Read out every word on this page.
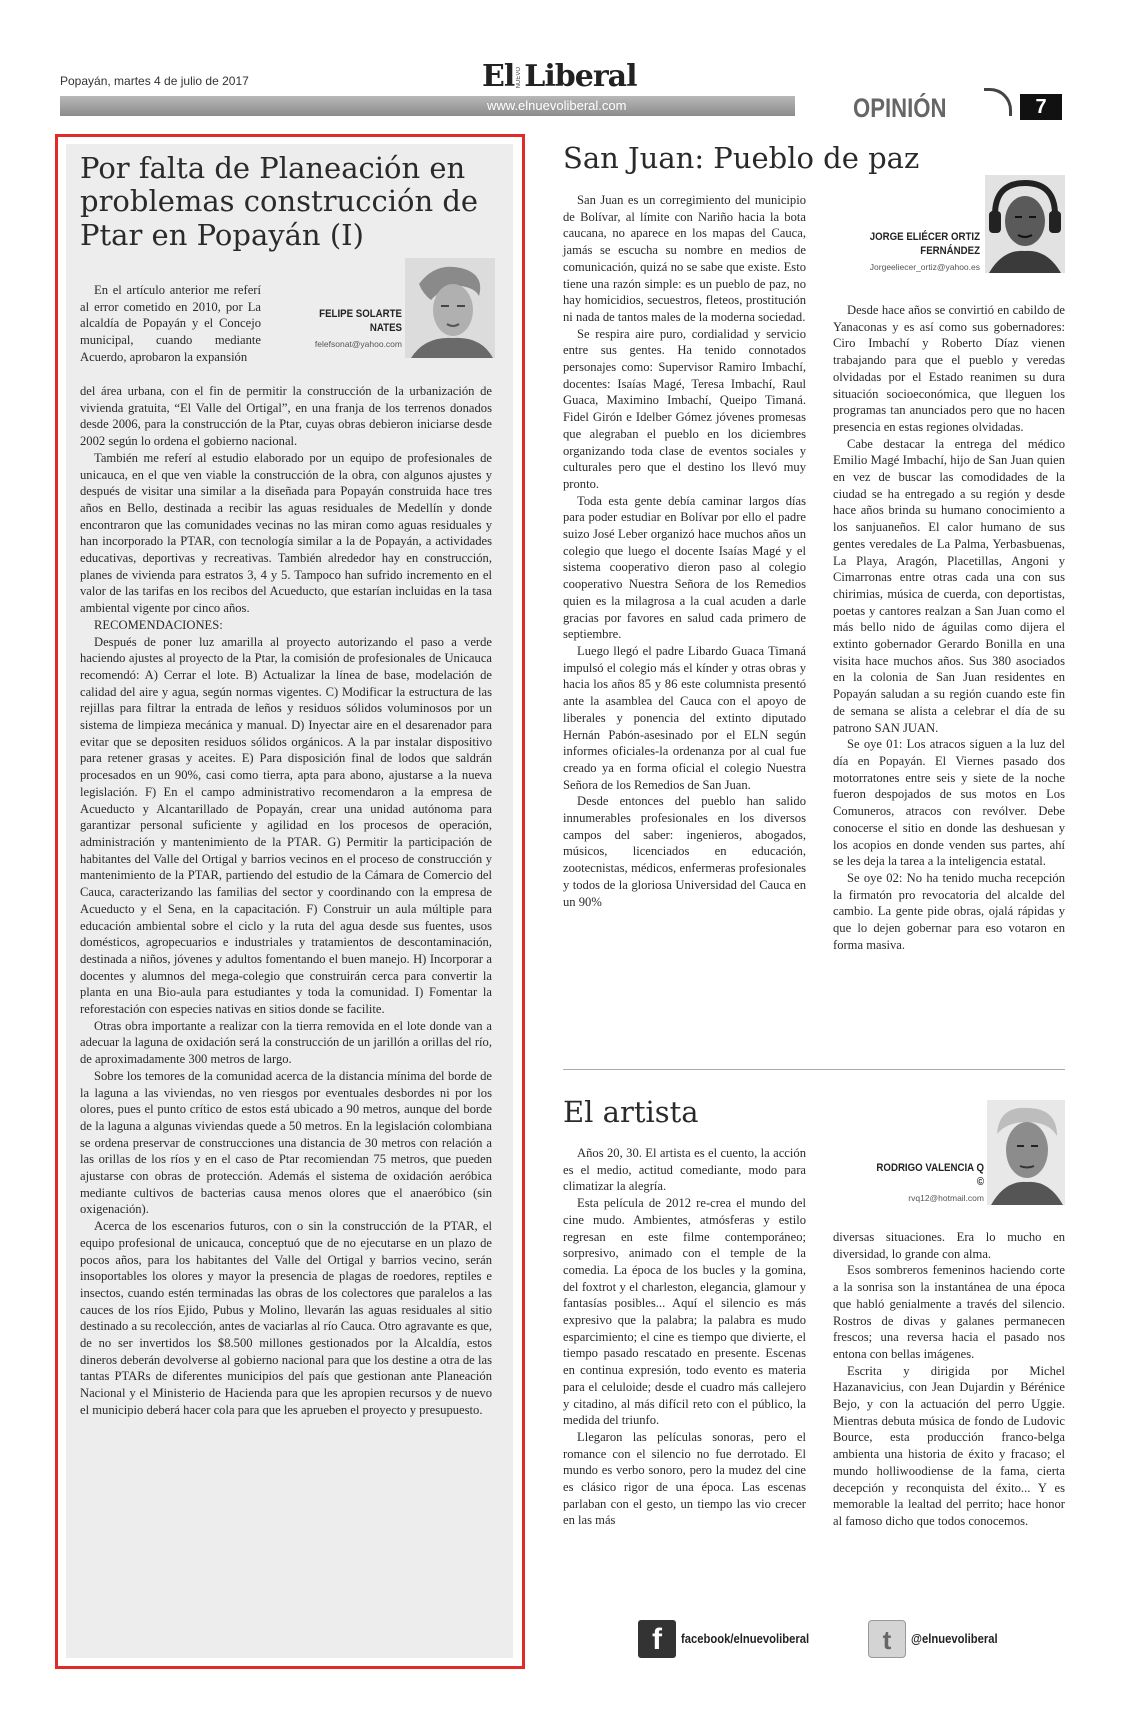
Popayán, martes 4 de julio de 2017	El NUEVO Liberal
www.elnuevoliberal.com	OPINIÓN	7
Por falta de Planeación en problemas construcción de Ptar en Popayán (I)
FELIPE SOLARTE NATES
felefsonat@yahoo.com

En el artículo anterior me referí al error cometido en 2010, por La alcaldía de Popayán y el Concejo municipal, cuando mediante Acuerdo, aprobaron la expansión

del área urbana, con el fin de permitir la construcción de la urbanización de vivienda gratuita, “El Valle del Ortigal”, en una franja de los terrenos donados desde 2006, para la construcción de la Ptar, cuyas obras debieron iniciarse desde 2002 según lo ordena el gobierno nacional.

También me referí al estudio elaborado por un equipo de profesionales de unicauca, en el que ven viable la construcción de la obra, con algunos ajustes y después de visitar una similar a la diseñada para Popayán construida hace tres años en Bello, destinada a recibir las aguas residuales de Medellín y donde encontraron que las comunidades vecinas no las miran como aguas residuales y han incorporado la PTAR, con tecnología similar a la de Popayán, a actividades educativas, deportivas y recreativas. También alrededor hay en construcción, planes de vivienda para estratos 3, 4 y 5. Tampoco han sufrido incremento en el valor de las tarifas en los recibos del Acueducto, que estarían incluidas en la tasa ambiental vigente por cinco años.

RECOMENDACIONES:

Después de poner luz amarilla al proyecto autorizando el paso a verde haciendo ajustes al proyecto de la Ptar, la comisión de profesionales de Unicauca recomendó: A) Cerrar el lote. B) Actualizar la línea de base, modelación de calidad del aire y agua, según normas vigentes. C) Modificar la estructura de las rejillas para filtrar la entrada de leños y residuos sólidos voluminosos por un sistema de limpieza mecánica y manual. D) Inyectar aire en el desarenador para evitar que se depositen residuos sólidos orgánicos. A la par instalar dispositivo para retener grasas y aceites. E) Para disposición final de lodos que saldrán procesados en un 90%, casi como tierra, apta para abono, ajustarse a la nueva legislación. F) En el campo administrativo recomendaron a la empresa de Acueducto y Alcantarillado de Popayán, crear una unidad autónoma para garantizar personal suficiente y agilidad en los procesos de operación, administración y mantenimiento de la PTAR. G) Permitir la participación de habitantes del Valle del Ortigal y barrios vecinos en el proceso de construcción y mantenimiento de la PTAR, partiendo del estudio de la Cámara de Comercio del Cauca, caracterizando las familias del sector y coordinando con la empresa de Acueducto y el Sena, en la capacitación. F) Construir un aula múltiple para educación ambiental sobre el ciclo y la ruta del agua desde sus fuentes, usos domésticos, agropecuarios e industriales y tratamientos de descontaminación, destinada a niños, jóvenes y adultos fomentando el buen manejo. H) Incorporar a docentes y alumnos del mega-colegio que construirán cerca para convertir la planta en una Bio-aula para estudiantes y toda la comunidad. I) Fomentar la reforestación con especies nativas en sitios donde se facilite.

Otras obra importante a realizar con la tierra removida en el lote donde van a adecuar la laguna de oxidación será la construcción de un jarillón a orillas del río, de aproximadamente 300 metros de largo.

Sobre los temores de la comunidad acerca de la distancia mínima del borde de la laguna a las viviendas, no ven riesgos por eventuales desbordes ni por los olores, pues el punto crítico de estos está ubicado a 90 metros, aunque del borde de la laguna a algunas viviendas quede a 50 metros. En la legislación colombiana se ordena preservar de construcciones una distancia de 30 metros con relación a las orillas de los ríos y en el caso de Ptar recomiendan 75 metros, que pueden ajustarse con obras de protección. Además el sistema de oxidación aeróbica mediante cultivos de bacterias causa menos olores que el anaeróbico (sin oxigenación).

Acerca de los escenarios futuros, con o sin la construcción de la PTAR, el equipo profesional de unicauca, conceptuó que de no ejecutarse en un plazo de pocos años, para los habitantes del Valle del Ortigal y barrios vecino, serán insoportables los olores y mayor la presencia de plagas de roedores, reptiles e insectos, cuando estén terminadas las obras de los colectores que paralelos a las cauces de los ríos Ejido, Pubus y Molino, llevarán las aguas residuales al sitio destinado a su recolección, antes de vaciarlas al río Cauca. Otro agravante es que, de no ser invertidos los $8.500 millones gestionados por la Alcaldía, estos dineros deberán devolverse al gobierno nacional para que los destine a otra de las tantas PTARs de diferentes municipios del país que gestionan ante Planeación Nacional y el Ministerio de Hacienda para que les apropien recursos y de nuevo el municipio deberá hacer cola para que les aprueben el proyecto y presupuesto.

San Juan: Pueblo de paz
JORGE ELIÉCER ORTIZ FERNÁNDEZ
Jorgeeliecer_ortiz@yahoo.es

San Juan es un corregimiento del municipio de Bolívar, al límite con Nariño hacia la bota caucana, no aparece en los mapas del Cauca, jamás se escucha su nombre en medios de comunicación, quizá no se sabe que existe. Esto tiene una razón simple: es un pueblo de paz, no hay homicidios, secuestros, fleteos, prostitución ni nada de tantos males de la moderna sociedad.

Se respira aire puro, cordialidad y servicio entre sus gentes. Ha tenido connotados personajes como: Supervisor Ramiro Imbachí, docentes: Isaías Magé, Teresa Imbachí, Raul Guaca, Maximino Imbachí, Queipo Timaná. Fidel Girón e Idelber Gómez jóvenes promesas que alegraban el pueblo en los diciembres organizando toda clase de eventos sociales y culturales pero que el destino los llevó muy pronto.

Toda esta gente debía caminar largos días para poder estudiar en Bolívar por ello el padre suizo José Leber organizó hace muchos años un colegio que luego el docente Isaías Magé y el sistema cooperativo dieron paso al colegio cooperativo Nuestra Señora de los Remedios quien es la milagrosa a la cual acuden a darle gracias por favores en salud cada primero de septiembre.

Luego llegó el padre Libardo Guaca Timaná impulsó el colegio más el kínder y otras obras y hacia los años 85 y 86 este columnista presentó ante la asamblea del Cauca con el apoyo de liberales y ponencia del extinto diputado Hernán Pabón-asesinado por el ELN según informes oficiales-la ordenanza por al cual fue creado ya en forma oficial el colegio Nuestra Señora de los Remedios de San Juan.

Desde entonces del pueblo han salido innumerables profesionales en los diversos campos del saber: ingenieros, abogados, músicos, licenciados en educación, zootecnistas, médicos, enfermeras profesionales y todos de la gloriosa Universidad del Cauca en un 90%

Desde hace años se convirtió en cabildo de Yanaconas y es así como sus gobernadores: Ciro Imbachí y Roberto Díaz vienen trabajando para que el pueblo y veredas olvidadas por el Estado reanimen su dura situación socioeconómica, que lleguen los programas tan anunciados pero que no hacen presencia en estas regiones olvidadas.

Cabe destacar la entrega del médico Emilio Magé Imbachí, hijo de San Juan quien en vez de buscar las comodidades de la ciudad se ha entregado a su región y desde hace años brinda su humano conocimiento a los sanjuaneños. El calor humano de sus gentes veredales de La Palma, Yerbasbuenas, La Playa, Aragón, Placetillas, Angoni y Cimarronas entre otras cada una con sus chirimias, música de cuerda, con deportistas, poetas y cantores realzan a San Juan como el más bello nido de águilas como dijera el extinto gobernador Gerardo Bonilla en una visita hace muchos años. Sus 380 asociados en la colonia de San Juan residentes en Popayán saludan a su región cuando este fin de semana se alista a celebrar el día de su patrono SAN JUAN.

Se oye 01: Los atracos siguen a la luz del día en Popayán. El Viernes pasado dos motorratones entre seis y siete de la noche fueron despojados de sus motos en Los Comuneros, atracos con revólver. Debe conocerse el sitio en donde las deshuesan y los acopios en donde venden sus partes, ahí se les deja la tarea a la inteligencia estatal.

Se oye 02: No ha tenido mucha recepción la firmatón pro revocatoria del alcalde del cambio. La gente pide obras, ojalá rápidas y que lo dejen gobernar para eso votaron en forma masiva.

El artista
RODRIGO VALENCIA Q ©
rvq12@hotmail.com

Años 20, 30. El artista es el cuento, la acción es el medio, actitud comediante, modo para climatizar la alegría.

Esta película de 2012 re-crea el mundo del cine mudo. Ambientes, atmósferas y estilo regresan en este filme contemporáneo; sorpresivo, animado con el temple de la comedia. La época de los bucles y la gomina, del foxtrot y el charleston, elegancia, glamour y fantasías posibles... Aquí el silencio es más expresivo que la palabra; la palabra es mudo esparcimiento; el cine es tiempo que divierte, el tiempo pasado rescatado en presente. Escenas en continua expresión, todo evento es materia para el celuloide; desde el cuadro más callejero y citadino, al más difícil reto con el público, la medida del triunfo.

Llegaron las películas sonoras, pero el romance con el silencio no fue derrotado. El mundo es verbo sonoro, pero la mudez del cine es clásico rigor de una época. Las escenas parlaban con el gesto, un tiempo las vio crecer en las más

diversas situaciones. Era lo mucho en diversidad, lo grande con alma.

Esos sombreros femeninos haciendo corte a la sonrisa son la instantánea de una época que habló genialmente a través del silencio. Rostros de divas y galanes permanecen frescos; una reversa hacia el pasado nos entona con bellas imágenes.

Escrita y dirigida por Michel Hazanavicius, con Jean Dujardin y Bérénice Bejo, y con la actuación del perro Uggie. Mientras debuta música de fondo de Ludovic Bource, esta producción franco-belga ambienta una historia de éxito y fracaso; el mundo holliwoodiense de la fama, cierta decepción y reconquista del éxito... Y es memorable la lealtad del perrito; hace honor al famoso dicho que todos conocemos.

f	facebook/elnuevoliberal	t	@elnuevoliberal
